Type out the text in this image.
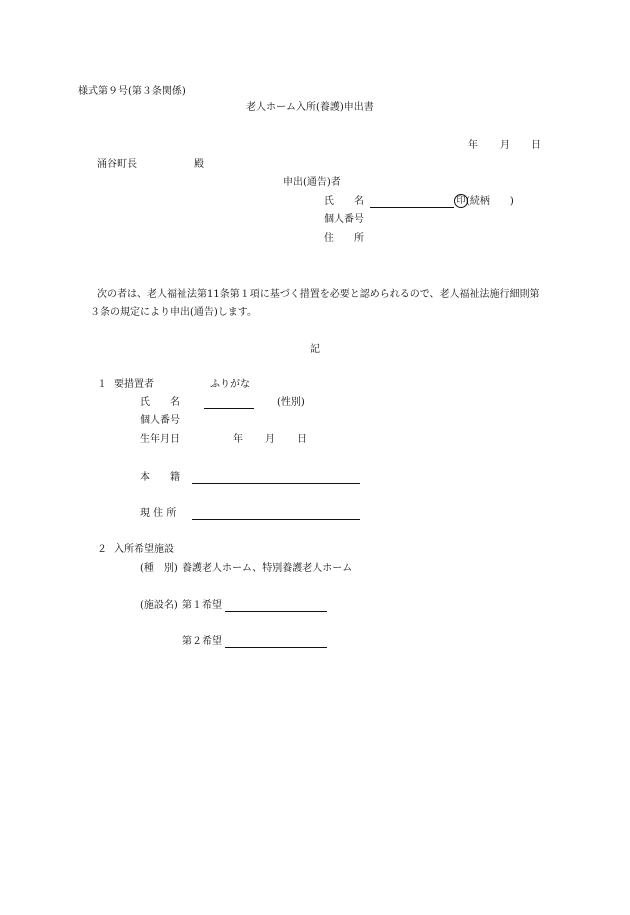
様式第９号(第３条関係)
老人ホーム入所(養護)申出書
年 月 日
涌谷町長	殿
申出(通告)者
氏　　名	印 (続柄　　)
個人番号
住　　所
次の者は、老人福祉法第11条第１項に基づく措置を必要と認められるので、老人福祉法施行細則第
３条の規定により申出(通告)します。
記
１ 要措置者	ふりがな
氏　　名	(性別)
個人番号
生年月日	年 月 日
本　　籍
現 住 所
２ 入所希望施設
(種　別) 養護老人ホーム、特別養護老人ホーム
(施設名) 第１希望
第２希望
